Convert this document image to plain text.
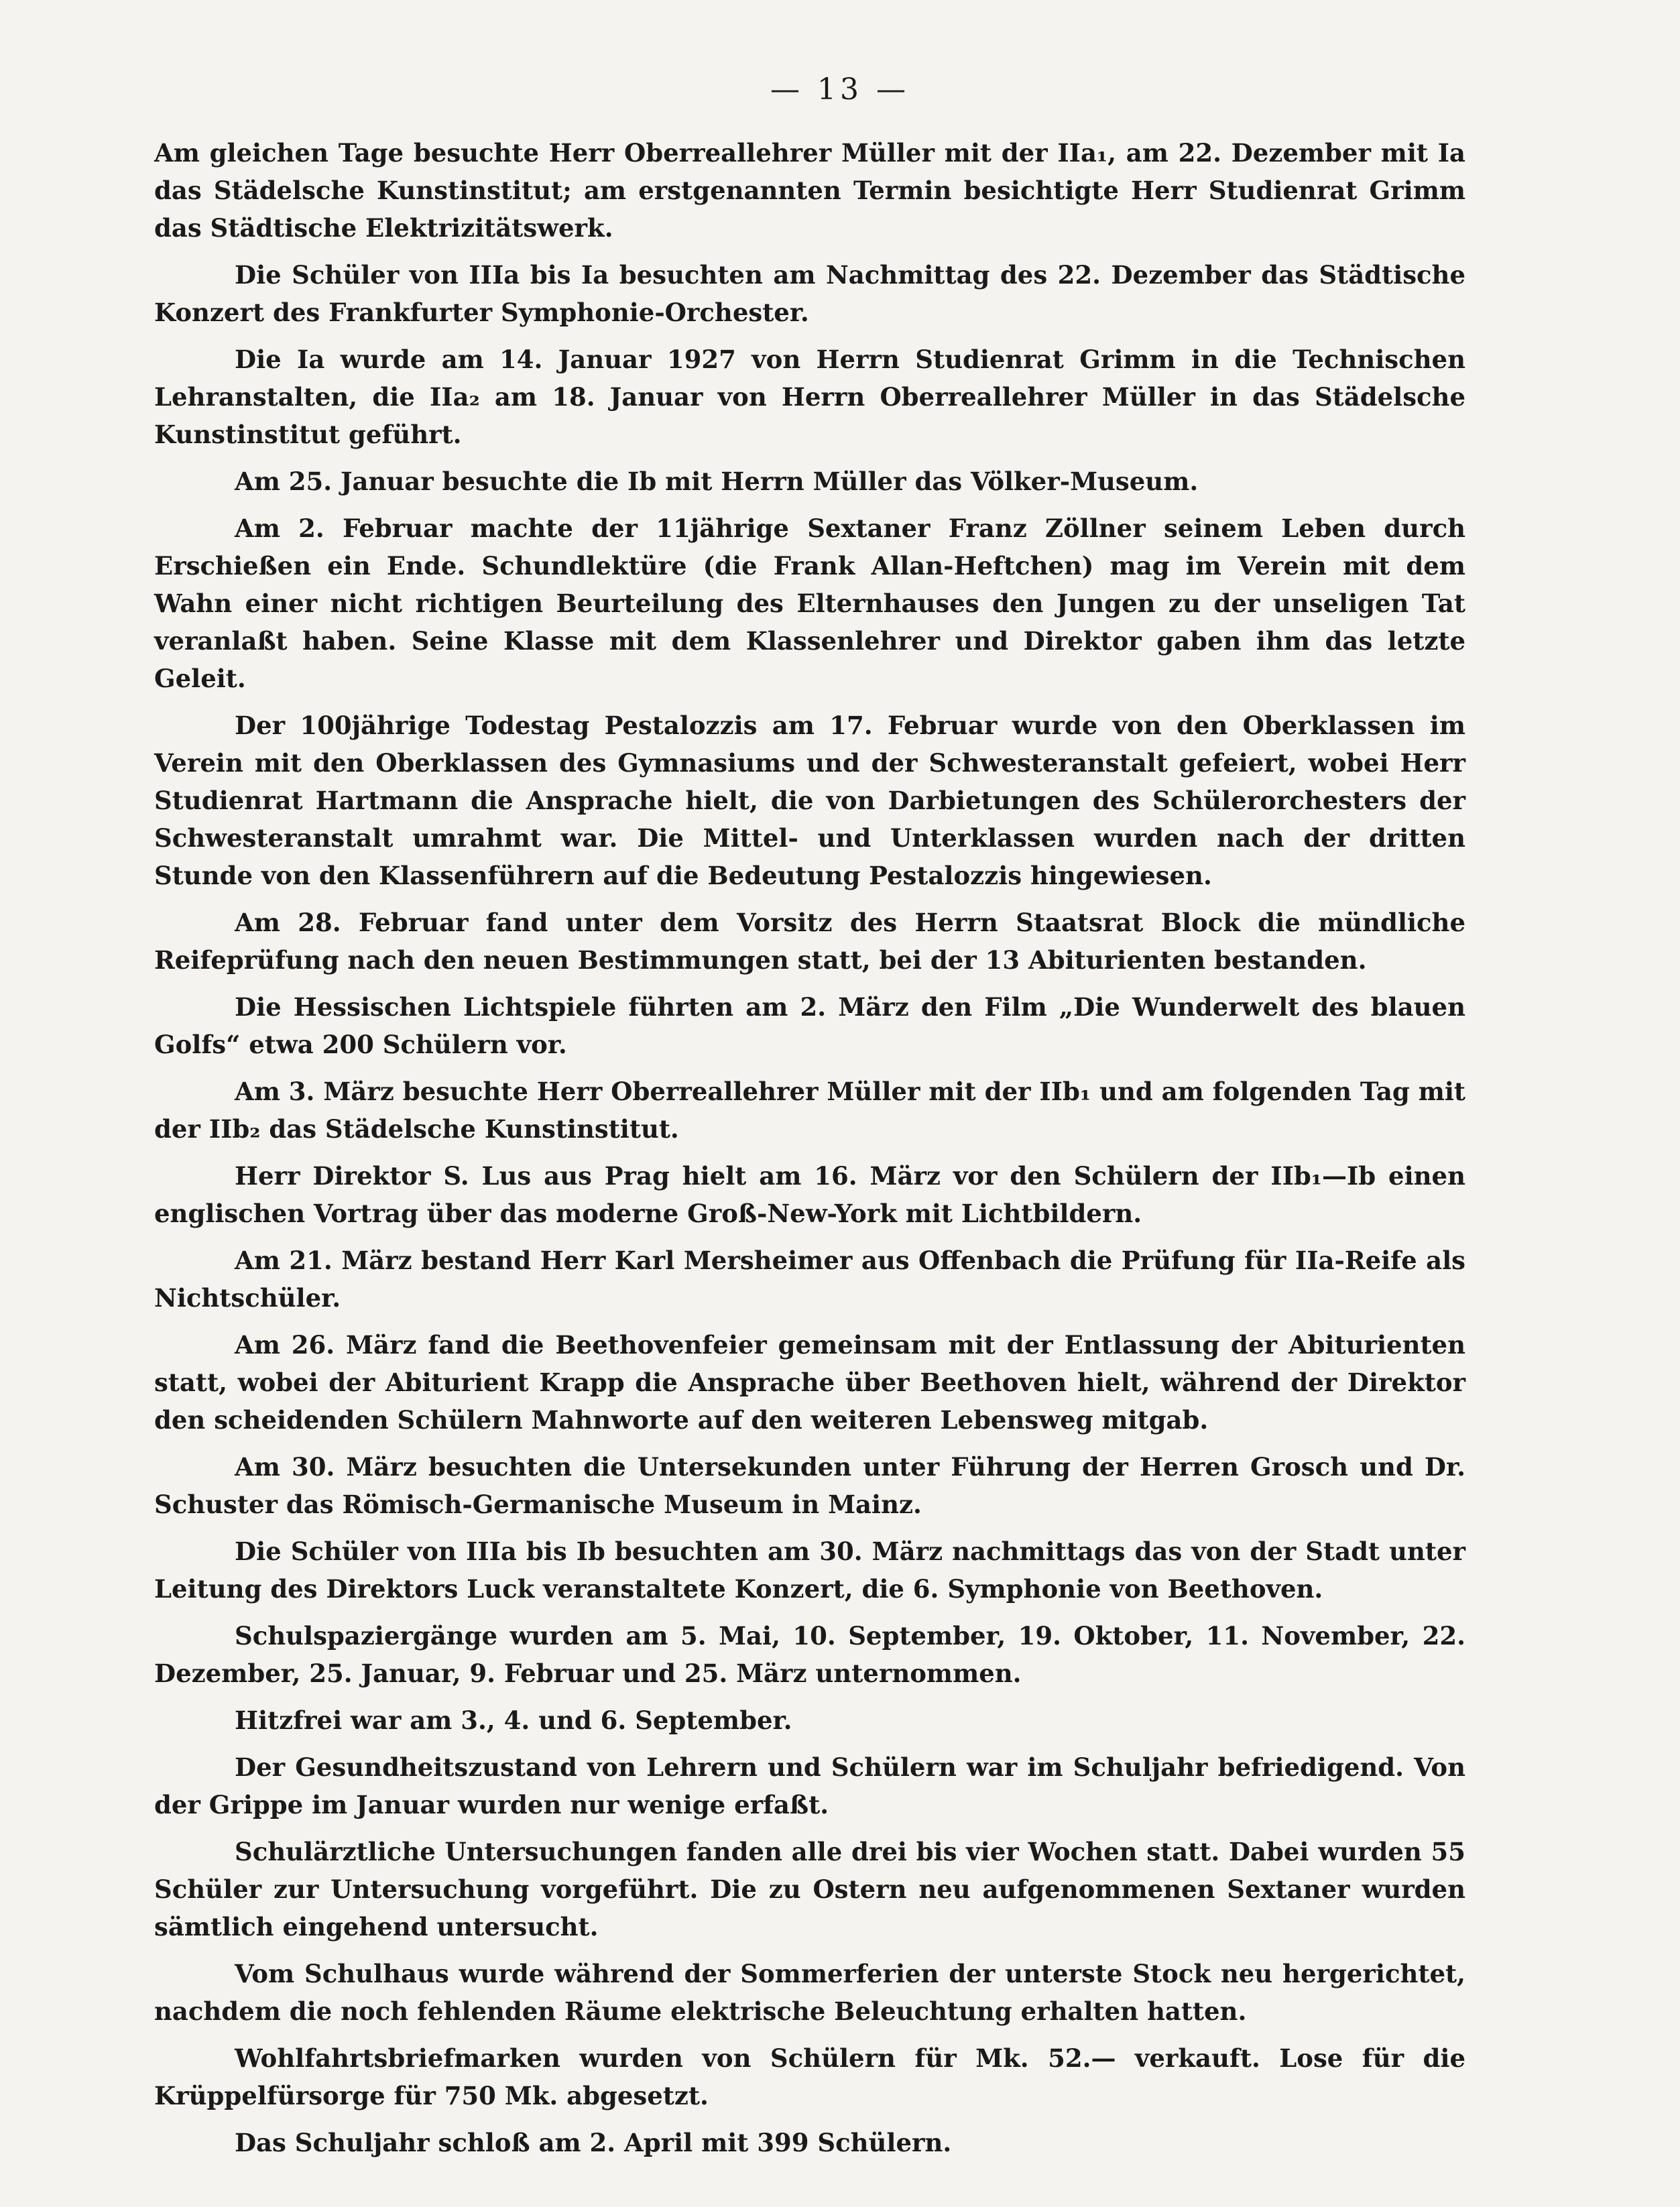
— 13 —

Am gleichen Tage besuchte Herr Oberreallehrer Müller mit der IIa₁, am 22. Dezember mit Ia das Städelsche Kunstinstitut; am erstgenannten Termin besichtigte Herr Studienrat Grimm das Städtische Elektrizitätswerk.

Die Schüler von IIIa bis Ia besuchten am Nachmittag des 22. Dezember das Städtische Konzert des Frankfurter Symphonie-Orchester.

Die Ia wurde am 14. Januar 1927 von Herrn Studienrat Grimm in die Technischen Lehranstalten, die IIa₂ am 18. Januar von Herrn Oberreallehrer Müller in das Städelsche Kunstinstitut geführt.

Am 25. Januar besuchte die Ib mit Herrn Müller das Völker-Museum.

Am 2. Februar machte der 11jährige Sextaner Franz Zöllner seinem Leben durch Erschießen ein Ende. Schundlektüre (die Frank Allan-Heftchen) mag im Verein mit dem Wahn einer nicht richtigen Beurteilung des Elternhauses den Jungen zu der unseligen Tat veranlaßt haben. Seine Klasse mit dem Klassenlehrer und Direktor gaben ihm das letzte Geleit.

Der 100jährige Todestag Pestalozzis am 17. Februar wurde von den Oberklassen im Verein mit den Oberklassen des Gymnasiums und der Schwesteranstalt gefeiert, wobei Herr Studienrat Hartmann die Ansprache hielt, die von Darbietungen des Schülerorchesters der Schwesteranstalt umrahmt war. Die Mittel- und Unterklassen wurden nach der dritten Stunde von den Klassenführern auf die Bedeutung Pestalozzis hingewiesen.

Am 28. Februar fand unter dem Vorsitz des Herrn Staatsrat Block die mündliche Reifeprüfung nach den neuen Bestimmungen statt, bei der 13 Abiturienten bestanden.

Die Hessischen Lichtspiele führten am 2. März den Film „Die Wunderwelt des blauen Golfs“ etwa 200 Schülern vor.

Am 3. März besuchte Herr Oberreallehrer Müller mit der IIb₁ und am folgenden Tag mit der IIb₂ das Städelsche Kunstinstitut.

Herr Direktor S. Lus aus Prag hielt am 16. März vor den Schülern der IIb₁—Ib einen englischen Vortrag über das moderne Groß-New-York mit Lichtbildern.

Am 21. März bestand Herr Karl Mersheimer aus Offenbach die Prüfung für IIa-Reife als Nichtschüler.

Am 26. März fand die Beethovenfeier gemeinsam mit der Entlassung der Abiturienten statt, wobei der Abiturient Krapp die Ansprache über Beethoven hielt, während der Direktor den scheidenden Schülern Mahnworte auf den weiteren Lebensweg mitgab.

Am 30. März besuchten die Untersekunden unter Führung der Herren Grosch und Dr. Schuster das Römisch-Germanische Museum in Mainz.

Die Schüler von IIIa bis Ib besuchten am 30. März nachmittags das von der Stadt unter Leitung des Direktors Luck veranstaltete Konzert, die 6. Symphonie von Beethoven.

Schulspaziergänge wurden am 5. Mai, 10. September, 19. Oktober, 11. November, 22. Dezember, 25. Januar, 9. Februar und 25. März unternommen.

Hitzfrei war am 3., 4. und 6. September.

Der Gesundheitszustand von Lehrern und Schülern war im Schuljahr befriedigend. Von der Grippe im Januar wurden nur wenige erfaßt.

Schulärztliche Untersuchungen fanden alle drei bis vier Wochen statt. Dabei wurden 55 Schüler zur Untersuchung vorgeführt. Die zu Ostern neu aufgenommenen Sextaner wurden sämtlich eingehend untersucht.

Vom Schulhaus wurde während der Sommerferien der unterste Stock neu hergerichtet, nachdem die noch fehlenden Räume elektrische Beleuchtung erhalten hatten.

Wohlfahrtsbriefmarken wurden von Schülern für Mk. 52.— verkauft. Lose für die Krüppelfürsorge für 750 Mk. abgesetzt.

Das Schuljahr schloß am 2. April mit 399 Schülern.
